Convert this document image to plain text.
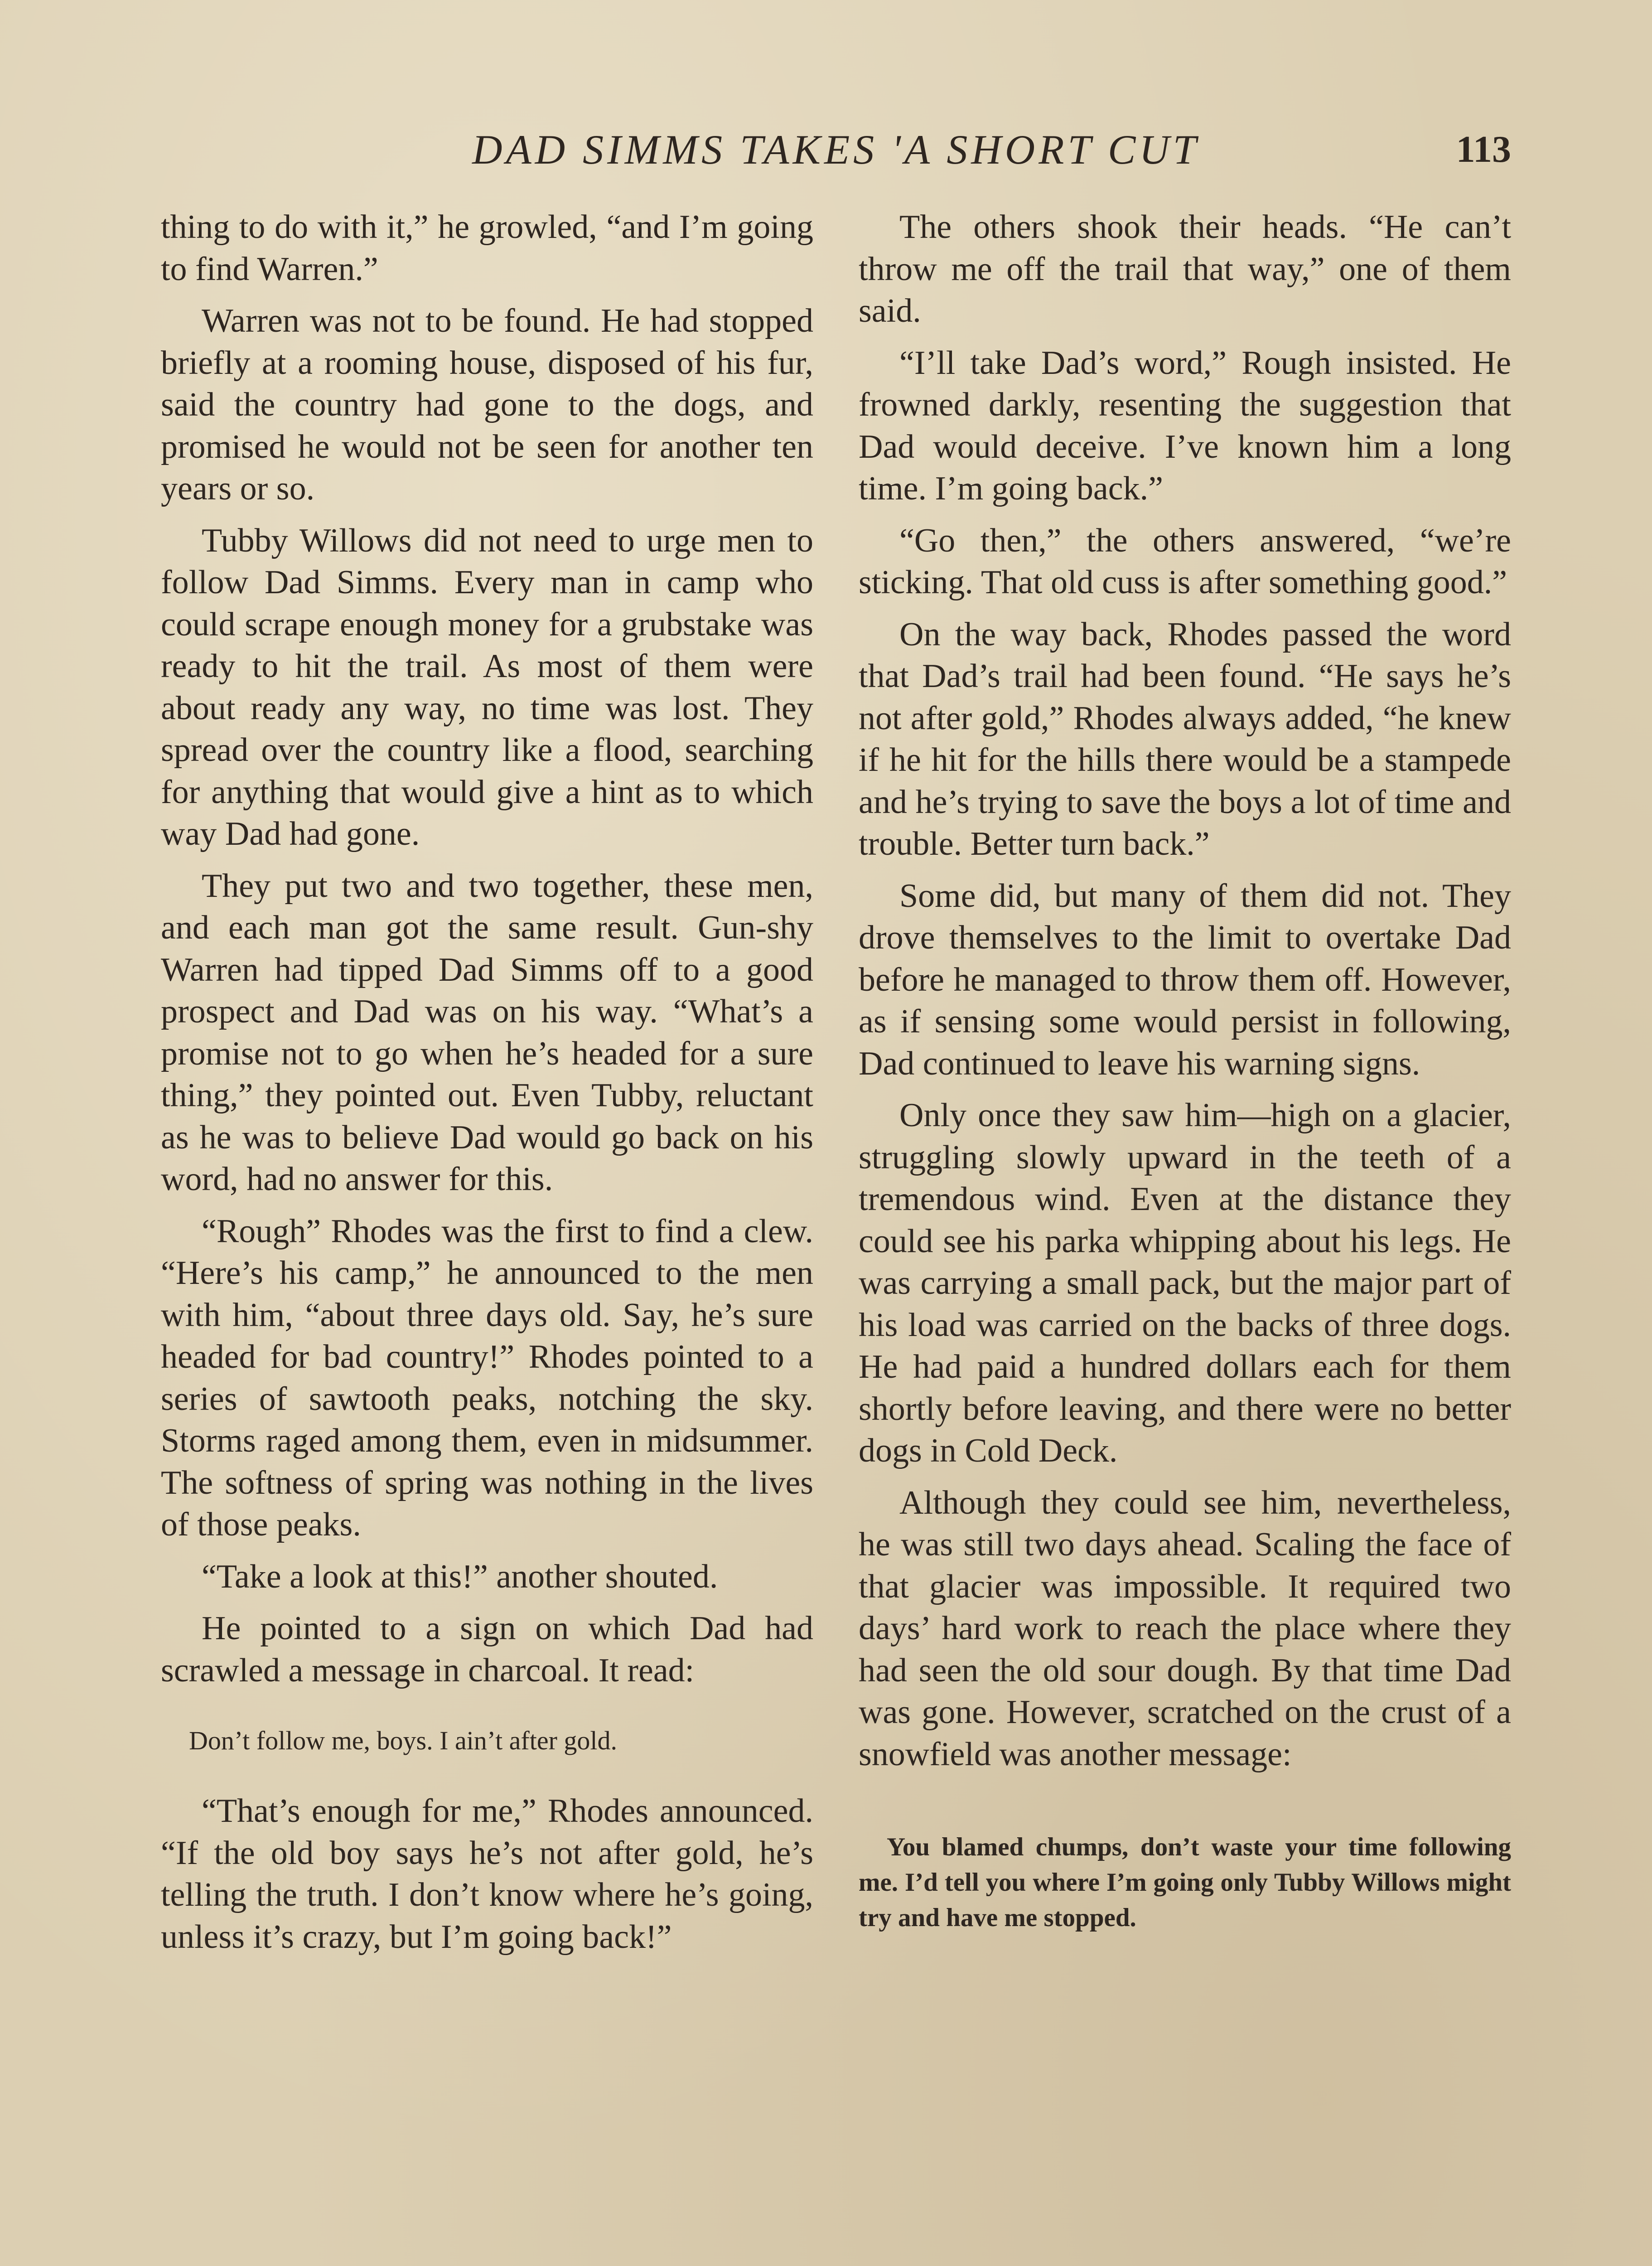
DAD SIMMS TAKES 'A SHORT CUT	113

thing to do with it,” he growled, “and I’m going to find Warren.”

Warren was not to be found. He had stopped briefly at a rooming house, disposed of his fur, said the country had gone to the dogs, and promised he would not be seen for another ten years or so.

Tubby Willows did not need to urge men to follow Dad Simms. Every man in camp who could scrape enough money for a grubstake was ready to hit the trail. As most of them were about ready any way, no time was lost. They spread over the country like a flood, searching for anything that would give a hint as to which way Dad had gone.

They put two and two together, these men, and each man got the same result. Gun-shy Warren had tipped Dad Simms off to a good prospect and Dad was on his way. “What’s a promise not to go when he’s headed for a sure thing,” they pointed out. Even Tubby, reluctant as he was to believe Dad would go back on his word, had no answer for this.

“Rough” Rhodes was the first to find a clew. “Here’s his camp,” he announced to the men with him, “about three days old. Say, he’s sure headed for bad country!” Rhodes pointed to a series of sawtooth peaks, notching the sky. Storms raged among them, even in midsummer. The softness of spring was nothing in the lives of those peaks.

“Take a look at this!” another shouted.

He pointed to a sign on which Dad had scrawled a message in charcoal. It read:

Don’t follow me, boys. I ain’t after gold.

“That’s enough for me,” Rhodes announced. “If the old boy says he’s not after gold, he’s telling the truth. I don’t know where he’s going, unless it’s crazy, but I’m going back!”

The others shook their heads. “He can’t throw me off the trail that way,” one of them said.

“I’ll take Dad’s word,” Rough insisted. He frowned darkly, resenting the suggestion that Dad would deceive. I’ve known him a long time. I’m going back.”

“Go then,” the others answered, “we’re sticking. That old cuss is after something good.”

On the way back, Rhodes passed the word that Dad’s trail had been found. “He says he’s not after gold,” Rhodes always added, “he knew if he hit for the hills there would be a stampede and he’s trying to save the boys a lot of time and trouble. Better turn back.”

Some did, but many of them did not. They drove themselves to the limit to overtake Dad before he managed to throw them off. However, as if sensing some would persist in following, Dad continued to leave his warning signs.

Only once they saw him—high on a glacier, struggling slowly upward in the teeth of a tremendous wind. Even at the distance they could see his parka whipping about his legs. He was carrying a small pack, but the major part of his load was carried on the backs of three dogs. He had paid a hundred dollars each for them shortly before leaving, and there were no better dogs in Cold Deck.

Although they could see him, nevertheless, he was still two days ahead. Scaling the face of that glacier was impossible. It required two days’ hard work to reach the place where they had seen the old sour dough. By that time Dad was gone. However, scratched on the crust of a snowfield was another message:

You blamed chumps, don’t waste your time following me. I’d tell you where I’m going only Tubby Willows might try and have me stopped.
